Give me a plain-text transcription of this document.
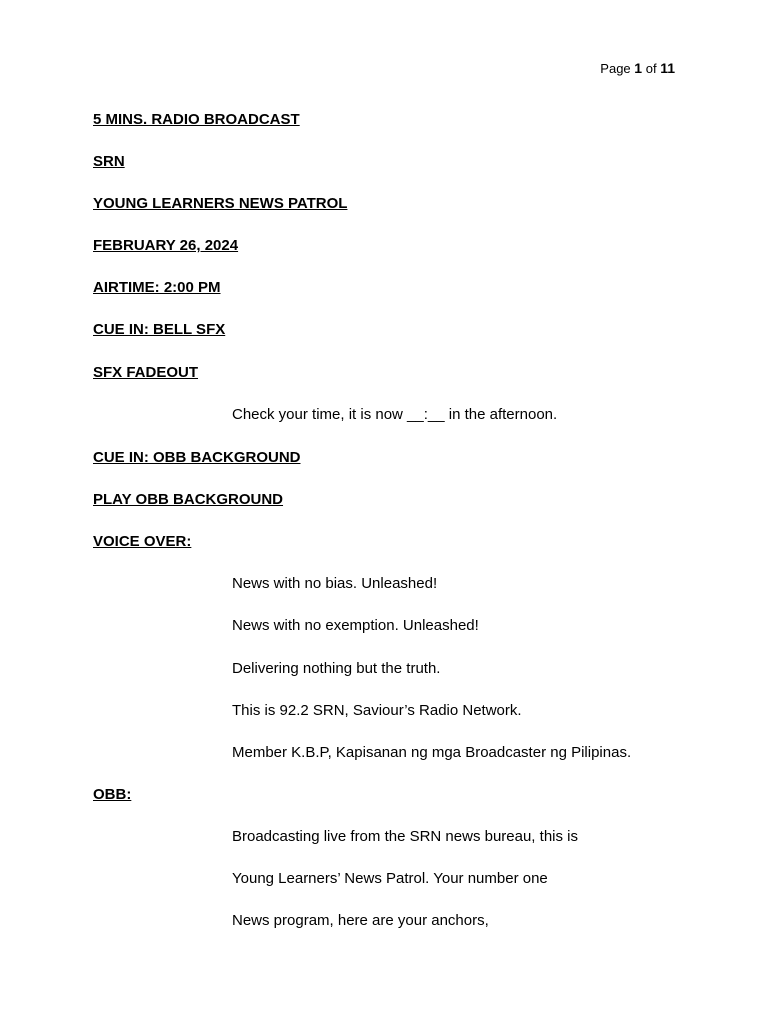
Page 1 of 11
5 MINS. RADIO BROADCAST
SRN
YOUNG LEARNERS NEWS PATROL
FEBRUARY 26, 2024
AIRTIME: 2:00 PM
CUE IN: BELL SFX
SFX FADEOUT
Check your time, it is now __:__ in the afternoon.
CUE IN: OBB BACKGROUND
PLAY OBB BACKGROUND
VOICE OVER:
News with no bias. Unleashed!
News with no exemption. Unleashed!
Delivering nothing but the truth.
This is 92.2 SRN, Saviour’s Radio Network.
Member K.B.P, Kapisanan ng mga Broadcaster ng Pilipinas.
OBB:
Broadcasting live from the SRN news bureau, this is
Young Learners’ News Patrol. Your number one
News program, here are your anchors,
